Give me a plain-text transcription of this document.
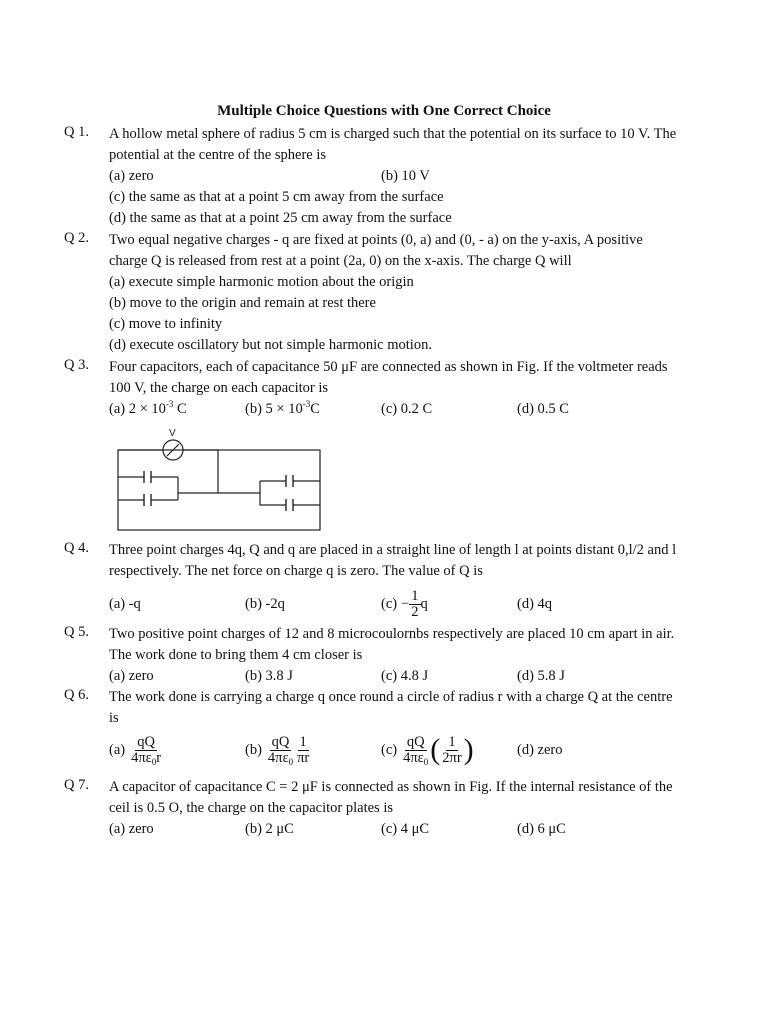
Multiple Choice Questions with One Correct Choice
Q 1.	A hollow metal sphere of radius 5 cm is charged such that the potential on its surface to 10 V. The

potential at the centre of the sphere is

(a) zero	(b) 10 V

(c) the same as that at a point 5 cm away from the surface

(d) the same as that at a point 25 cm away from the surface

Q 2.	Two equal negative charges - q are fixed at points (0, a) and (0, - a) on the y-axis, A positive

charge Q is released from rest at a point (2a, 0) on the x-axis. The charge Q will

(a) execute simple harmonic motion about the origin

(b) move to the origin and remain at rest there

(c) move to infinity

(d) execute oscillatory but not simple harmonic motion.

Q 3.	Four capacitors, each of capacitance 50 μF are connected as shown in Fig. If the voltmeter reads

100 V, the charge on each capacitor is

(a) $2 \times 10^{-3}$ C	(b) $5 \times 10^{-3}C$	(c) 0.2 C	(d) 0.5 C
V
Q 4.	Three point charges 4q, Q and q are placed in a straight line of length l at points distant 0,l/2 and l

respectively. The net force on charge q is zero. The value of Q is

(a) -q	(b) -2q	$(c) - \frac{1}{2}$ q	(d) 4q
Q 5.	Two positive point charges of 12 and 8 microcoulornbs respectively are placed 10 cm apart in air.

The work done to bring them 4 cm closer is

(a) zero	(b) 3.8 J	(c) 4.8 J	(d) 5.8 J
Q 6.	The work done is carrying a charge q once round a circle of radius r with a charge Q at the centre

is

$(a) \frac{qQ}{4\pi\varepsilon_0r}$	$(b) \frac{qQ}{4\pi\varepsilon_0} \frac{1}{\pi r}$	$(c) \frac{qQ}{4\pi\varepsilon_0}$ ( $\frac{1}{2\pi r}$ )	(d) zero
Q 7.	A capacitor of capacitance C = 2 μF is connected as shown in Fig. If the internal resistance of the

ceil is 0.5 O, the charge on the capacitor plates is

(a) zero	(b) 2 μC	(c) 4 μC	(d) 6 μC
